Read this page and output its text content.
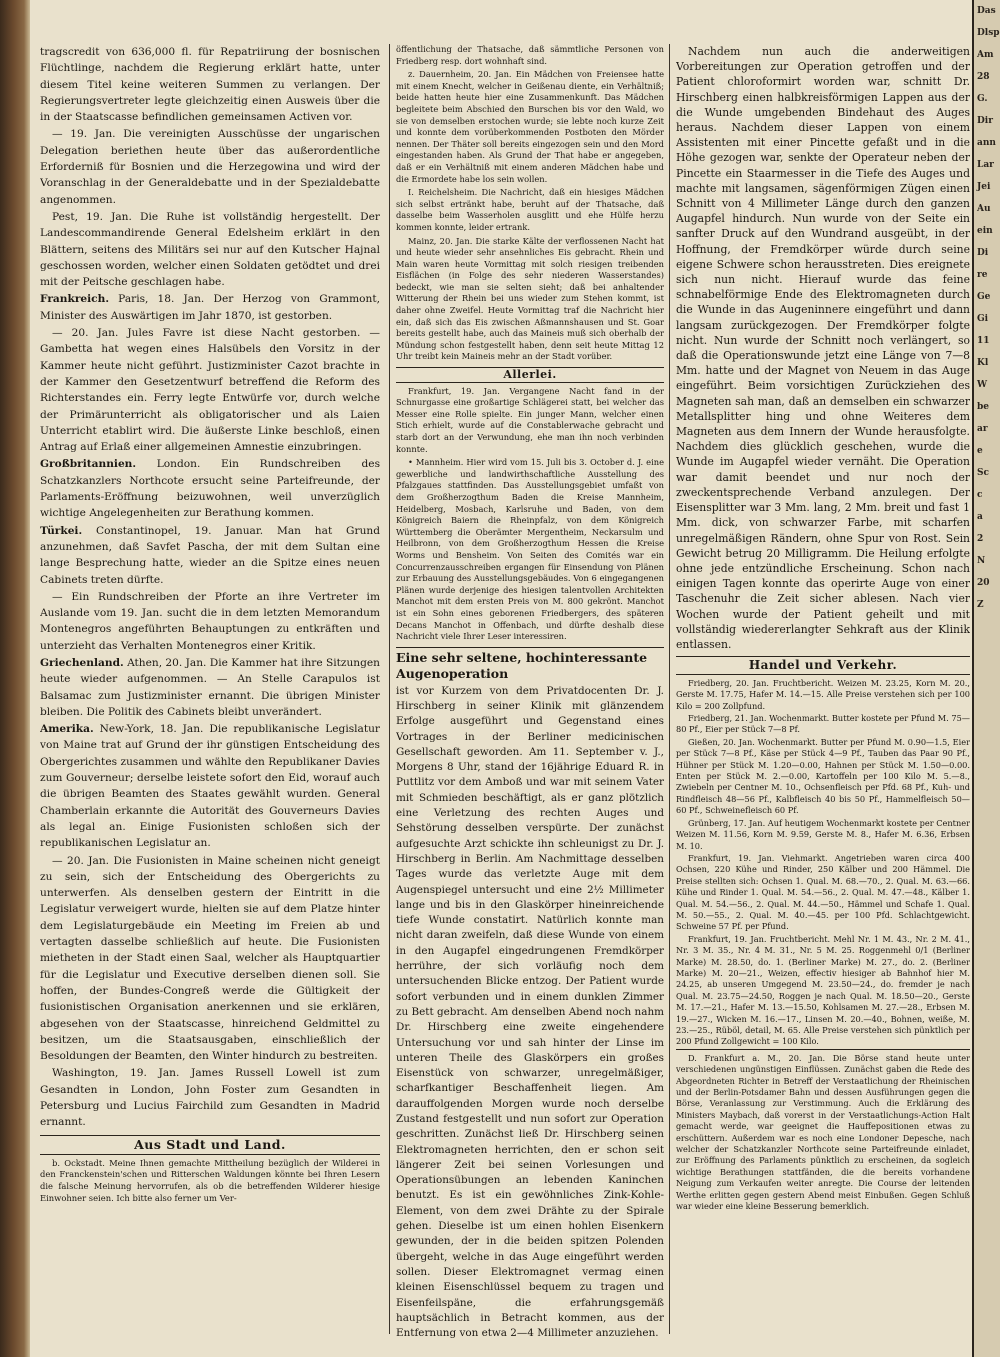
tragscredit von 636,000 fl. für Repatriirung der bosnischen Flüchtlinge, nachdem die Regierung erklärt hatte, unter diesem Titel keine weiteren Summen zu verlangen. Der Regierungsvertreter legte gleichzeitig einen Ausweis über die in der Staatscasse befindlichen gemeinsamen Activen vor.

— 19. Jan. Die vereinigten Ausschüsse der ungarischen Delegation beriethen heute über das außerordentliche Erforderniß für Bosnien und die Herzegowina und wird der Voranschlag in der Generaldebatte und in der Spezialdebatte angenommen.

Pest, 19. Jan. Die Ruhe ist vollständig hergestellt. Der Landescommandirende General Edelsheim erklärt in den Blättern, seitens des Militärs sei nur auf den Kutscher Hajnal geschossen worden, welcher einen Soldaten getödtet und drei mit der Peitsche geschlagen habe.

Frankreich. Paris, 18. Jan. Der Herzog von Grammont, Minister des Auswärtigen im Jahr 1870, ist gestorben.

— 20. Jan. Jules Favre ist diese Nacht gestorben. — Gambetta hat wegen eines Halsübels den Vorsitz in der Kammer heute nicht geführt. Justizminister Cazot brachte in der Kammer den Gesetzentwurf betreffend die Reform des Richterstandes ein. Ferry legte Entwürfe vor, durch welche der Primärunterricht als obligatorischer und als Laien Unterricht etablirt wird. Die äußerste Linke beschloß, einen Antrag auf Erlaß einer allgemeinen Amnestie einzubringen.

Großbritannien. London. Ein Rundschreiben des Schatzkanzlers Northcote ersucht seine Parteifreunde, der Parlaments-Eröffnung beizuwohnen, weil unverzüglich wichtige Angelegenheiten zur Berathung kommen.

Türkei. Constantinopel, 19. Januar. Man hat Grund anzunehmen, daß Savfet Pascha, der mit dem Sultan eine lange Besprechung hatte, wieder an die Spitze eines neuen Cabinets treten dürfte.

— Ein Rundschreiben der Pforte an ihre Vertreter im Auslande vom 19. Jan. sucht die in dem letzten Memorandum Montenegros angeführten Behauptungen zu entkräften und unterzieht das Verhalten Montenegros einer Kritik.

Griechenland. Athen, 20. Jan. Die Kammer hat ihre Sitzungen heute wieder aufgenommen. — An Stelle Carapulos ist Balsamac zum Justizminister ernannt. Die übrigen Minister bleiben. Die Politik des Cabinets bleibt unverändert.

Amerika. New-York, 18. Jan. Die republikanische Legislatur von Maine trat auf Grund der ihr günstigen Entscheidung des Obergerichtes zusammen und wählte den Republikaner Davies zum Gouverneur; derselbe leistete sofort den Eid, worauf auch die übrigen Beamten des Staates gewählt wurden. General Chamberlain erkannte die Autorität des Gouverneurs Davies als legal an. Einige Fusionisten schloßen sich der republikanischen Legislatur an.

— 20. Jan. Die Fusionisten in Maine scheinen nicht geneigt zu sein, sich der Entscheidung des Obergerichts zu unterwerfen. Als denselben gestern der Eintritt in die Legislatur verweigert wurde, hielten sie auf dem Platze hinter dem Legislaturgebäude ein Meeting im Freien ab und vertagten dasselbe schließlich auf heute. Die Fusionisten mietheten in der Stadt einen Saal, welcher als Hauptquartier für die Legislatur und Executive derselben dienen soll. Sie hoffen, der Bundes-Congreß werde die Gültigkeit der fusionistischen Organisation anerkennen und sie erklären, abgesehen von der Staatscasse, hinreichend Geldmittel zu besitzen, um die Staatsausgaben, einschließlich der Besoldungen der Beamten, den Winter hindurch zu bestreiten.

Washington, 19. Jan. James Russell Lowell ist zum Gesandten in London, John Foster zum Gesandten in Petersburg und Lucius Fairchild zum Gesandten in Madrid ernannt.

Aus Stadt und Land.

b. Ockstadt. Meine Ihnen gemachte Mittheilung bezüglich der Wilderei in den Franckenstein'schen und Ritterschen Waldungen könnte bei Ihren Lesern die falsche Meinung hervorrufen, als ob die betreffenden Wilderer hiesige Einwohner seien. Ich bitte also ferner um Ver-

öffentlichung der Thatsache, daß sämmtliche Personen von Friedberg resp. dort wohnhaft sind.

z. Dauernheim, 20. Jan. Ein Mädchen von Freiensee hatte mit einem Knecht, welcher in Geißenau diente, ein Verhältniß; beide hatten heute hier eine Zusammenkunft. Das Mädchen begleitete beim Abschied den Burschen bis vor den Wald, wo sie von demselben erstochen wurde; sie lebte noch kurze Zeit und konnte dem vorüberkommenden Postboten den Mörder nennen. Der Thäter soll bereits eingezogen sein und den Mord eingestanden haben. Als Grund der That habe er angegeben, daß er ein Verhältniß mit einem anderen Mädchen habe und die Ermordete habe los sein wollen.

I. Reichelsheim. Die Nachricht, daß ein hiesiges Mädchen sich selbst ertränkt habe, beruht auf der Thatsache, daß dasselbe beim Wasserholen ausglitt und ehe Hülfe herzu kommen konnte, leider ertrank.

Mainz, 20. Jan. Die starke Kälte der verflossenen Nacht hat und heute wieder sehr ansehnliches Eis gebracht. Rhein und Main waren heute Vormittag mit solch riesigen treibenden Eisflächen (in Folge des sehr niederen Wasserstandes) bedeckt, wie man sie selten sieht; daß bei anhaltender Witterung der Rhein bei uns wieder zum Stehen kommt, ist daher ohne Zweifel. Heute Vormittag traf die Nachricht hier ein, daß sich das Eis zwischen Aßmannshausen und St. Goar bereits gestellt habe, auch das Maineis muß sich oberhalb der Mündung schon festgestellt haben, denn seit heute Mittag 12 Uhr treibt kein Maineis mehr an der Stadt vorüber.

Allerlei.

Frankfurt, 19. Jan. Vergangene Nacht fand in der Schnurgasse eine großartige Schlägerei statt, bei welcher das Messer eine Rolle spielte. Ein junger Mann, welcher einen Stich erhielt, wurde auf die Constablerwache gebracht und starb dort an der Verwundung, ehe man ihn noch verbinden konnte.

• Mannheim. Hier wird vom 15. Juli bis 3. October d. J. eine gewerbliche und landwirthschaftliche Ausstellung des Pfalzgaues stattfinden. Das Ausstellungsgebiet umfaßt von dem Großherzogthum Baden die Kreise Mannheim, Heidelberg, Mosbach, Karlsruhe und Baden, von dem Königreich Baiern die Rheinpfalz, von dem Königreich Württemberg die Oberämter Mergentheim, Neckarsulm und Heilbronn, von dem Großherzogthum Hessen die Kreise Worms und Bensheim. Von Seiten des Comités war ein Concurrenzausschreiben ergangen für Einsendung von Plänen zur Erbauung des Ausstellungsgebäudes. Von 6 eingegangenen Plänen wurde derjenige des hiesigen talentvollen Architekten Manchot mit dem ersten Preis von M. 800 gekrönt. Manchot ist ein Sohn eines geborenen Friedbergers, des späteren Decans Manchot in Offenbach, und dürfte deshalb diese Nachricht viele Ihrer Leser interessiren.

Eine sehr seltene, hochinteressante Augenoperation

ist vor Kurzem von dem Privatdocenten Dr. J. Hirschberg in seiner Klinik mit glänzendem Erfolge ausgeführt und Gegenstand eines Vortrages in der Berliner medicinischen Gesellschaft geworden. Am 11. September v. J., Morgens 8 Uhr, stand der 16jährige Eduard R. in Puttlitz vor dem Amboß und war mit seinem Vater mit Schmieden beschäftigt, als er ganz plötzlich eine Verletzung des rechten Auges und Sehstörung desselben verspürte. Der zunächst aufgesuchte Arzt schickte ihn schleunigst zu Dr. J. Hirschberg in Berlin. Am Nachmittage desselben Tages wurde das verletzte Auge mit dem Augenspiegel untersucht und eine 2½ Millimeter lange und bis in den Glaskörper hineinreichende tiefe Wunde constatirt. Natürlich konnte man nicht daran zweifeln, daß diese Wunde von einem in den Augapfel eingedrungenen Fremdkörper herrühre, der sich vorläufig noch dem untersuchenden Blicke entzog. Der Patient wurde sofort verbunden und in einem dunklen Zimmer zu Bett gebracht. Am denselben Abend noch nahm Dr. Hirschberg eine zweite eingehendere Untersuchung vor und sah hinter der Linse im unteren Theile des Glaskörpers ein großes Eisenstück von schwarzer, unregelmäßiger, scharfkantiger Beschaffenheit liegen. Am darauffolgenden Morgen wurde noch derselbe Zustand festgestellt und nun sofort zur Operation geschritten. Zunächst ließ Dr. Hirschberg seinen Elektromagneten herrichten, den er schon seit längerer Zeit bei seinen Vorlesungen und Operationsübungen an lebenden Kaninchen benutzt. Es ist ein gewöhnliches Zink-Kohle-Element, von dem zwei Drähte zu der Spirale gehen. Dieselbe ist um einen hohlen Eisenkern gewunden, der in die beiden spitzen Polenden übergeht, welche in das Auge eingeführt werden sollen. Dieser Elektromagnet vermag einen kleinen Eisenschlüssel bequem zu tragen und Eisenfeilspäne, die erfahrungsgemäß hauptsächlich in Betracht kommen, aus der Entfernung von etwa 2—4 Millimeter anzuziehen.

Nachdem nun auch die anderweitigen Vorbereitungen zur Operation getroffen und der Patient chloroformirt worden war, schnitt Dr. Hirschberg einen halbkreisförmigen Lappen aus der die Wunde umgebenden Bindehaut des Auges heraus. Nachdem dieser Lappen von einem Assistenten mit einer Pincette gefaßt und in die Höhe gezogen war, senkte der Operateur neben der Pincette ein Staarmesser in die Tiefe des Auges und machte mit langsamen, sägenförmigen Zügen einen Schnitt von 4 Millimeter Länge durch den ganzen Augapfel hindurch. Nun wurde von der Seite ein sanfter Druck auf den Wundrand ausgeübt, in der Hoffnung, der Fremdkörper würde durch seine eigene Schwere schon herausstreten. Dies ereignete sich nun nicht. Hierauf wurde das feine schnabelförmige Ende des Elektromagneten durch die Wunde in das Augeninnere eingeführt und dann langsam zurückgezogen. Der Fremdkörper folgte nicht. Nun wurde der Schnitt noch verlängert, so daß die Operationswunde jetzt eine Länge von 7—8 Mm. hatte und der Magnet von Neuem in das Auge eingeführt. Beim vorsichtigen Zurückziehen des Magneten sah man, daß an demselben ein schwarzer Metallsplitter hing und ohne Weiteres dem Magneten aus dem Innern der Wunde herausfolgte. Nachdem dies glücklich geschehen, wurde die Wunde im Augapfel wieder vernäht. Die Operation war damit beendet und nur noch der zweckentsprechende Verband anzulegen. Der Eisensplitter war 3 Mm. lang, 2 Mm. breit und fast 1 Mm. dick, von schwarzer Farbe, mit scharfen unregelmäßigen Rändern, ohne Spur von Rost. Sein Gewicht betrug 20 Milligramm. Die Heilung erfolgte ohne jede entzündliche Erscheinung. Schon nach einigen Tagen konnte das operirte Auge von einer Taschenuhr die Zeit sicher ablesen. Nach vier Wochen wurde der Patient geheilt und mit vollständig wiedererlangter Sehkraft aus der Klinik entlassen.

Handel und Verkehr.

Friedberg, 20. Jan. Fruchtbericht. Weizen M. 23.25, Korn M. 20., Gerste M. 17.75, Hafer M. 14.—15. Alle Preise verstehen sich per 100 Kilo = 200 Zollpfund.

Friedberg, 21. Jan. Wochenmarkt. Butter kostete per Pfund M. 75—80 Pf., Eier per Stück 7—8 Pf.

Gießen, 20. Jan. Wochenmarkt. Butter per Pfund M. 0.90—1.5, Eier per Stück 7—8 Pf., Käse per Stück 4—9 Pf., Tauben das Paar 90 Pf., Hühner per Stück M. 1.20—0.00, Hahnen per Stück M. 1.50—0.00. Enten per Stück M. 2.—0.00, Kartoffeln per 100 Kilo M. 5.—8., Zwiebeln per Centner M. 10., Ochsenfleisch per Pfd. 68 Pf., Kuh- und Rindfleisch 48—56 Pf., Kalbfleisch 40 bis 50 Pf., Hammelfleisch 50—60 Pf., Schweinefleisch 60 Pf.

Grünberg, 17. Jan. Auf heutigem Wochenmarkt kostete per Centner Weizen M. 11.56, Korn M. 9.59, Gerste M. 8., Hafer M. 6.36, Erbsen M. 10.

Frankfurt, 19. Jan. Viehmarkt. Angetrieben waren circa 400 Ochsen, 220 Kühe und Rinder, 250 Kälber und 200 Hämmel. Die Preise stellten sich: Ochsen 1. Qual. M. 68.—70., 2. Qual. M. 63.—66. Kühe und Rinder 1. Qual. M. 54.—56., 2. Qual. M. 47.—48., Kälber 1. Qual. M. 54.—56., 2. Qual. M. 44.—50., Hämmel und Schafe 1. Qual. M. 50.—55., 2. Qual. M. 40.—45. per 100 Pfd. Schlachtgewicht. Schweine 57 Pf. per Pfund.

Frankfurt, 19. Jan. Fruchtbericht. Mehl Nr. 1 M. 43., Nr. 2 M. 41., Nr. 3 M. 35., Nr. 4 M. 31., Nr. 5 M. 25. Roggenmehl 0/1 (Berliner Marke) M. 28.50, do. 1. (Berliner Marke) M. 27., do. 2. (Berliner Marke) M. 20—21., Weizen, effectiv hiesiger ab Bahnhof hier M. 24.25, ab unseren Umgegend M. 23.50—24., do. fremder je nach Qual. M. 23.75—24.50, Roggen je nach Qual. M. 18.50—20., Gerste M. 17.—21., Hafer M. 13.—15.50, Kohlsamen M. 27.—28., Erbsen M. 19.—27., Wicken M. 16.—17., Linsen M. 20.—40., Bohnen, weiße, M. 23.—25., Rüböl, detail, M. 65. Alle Preise verstehen sich pünktlich per 200 Pfund Zollgewicht = 100 Kilo.

D. Frankfurt a. M., 20. Jan. Die Börse stand heute unter verschiedenen ungünstigen Einflüssen. Zunächst gaben die Rede des Abgeordneten Richter in Betreff der Verstaatlichung der Rheinischen und der Berlin-Potsdamer Bahn und dessen Ausführungen gegen die Börse, Veranlassung zur Verstimmung. Auch die Erklärung des Ministers Maybach, daß vorerst in der Verstaatlichungs-Action Halt gemacht werde, war geeignet die Hauffepositionen etwas zu erschüttern. Außerdem war es noch eine Londoner Depesche, nach welcher der Schatzkanzler Northcote seine Parteifreunde einladet, zur Eröffnung des Parlaments pünktlich zu erscheinen, da sogleich wichtige Berathungen stattfänden, die die bereits vorhandene Neigung zum Verkaufen weiter anregte. Die Course der leitenden Werthe erlitten gegen gestern Abend meist Einbußen. Gegen Schluß war wieder eine kleine Besserung bemerklich.

Das
Dlsp
Am
28
G.
Dir
ann
Lar
Jei
Au
ein
Di
re
Ge
Gi
11
Kl
W
be
ar
e
Sc
c
a
2
N
20
Z
